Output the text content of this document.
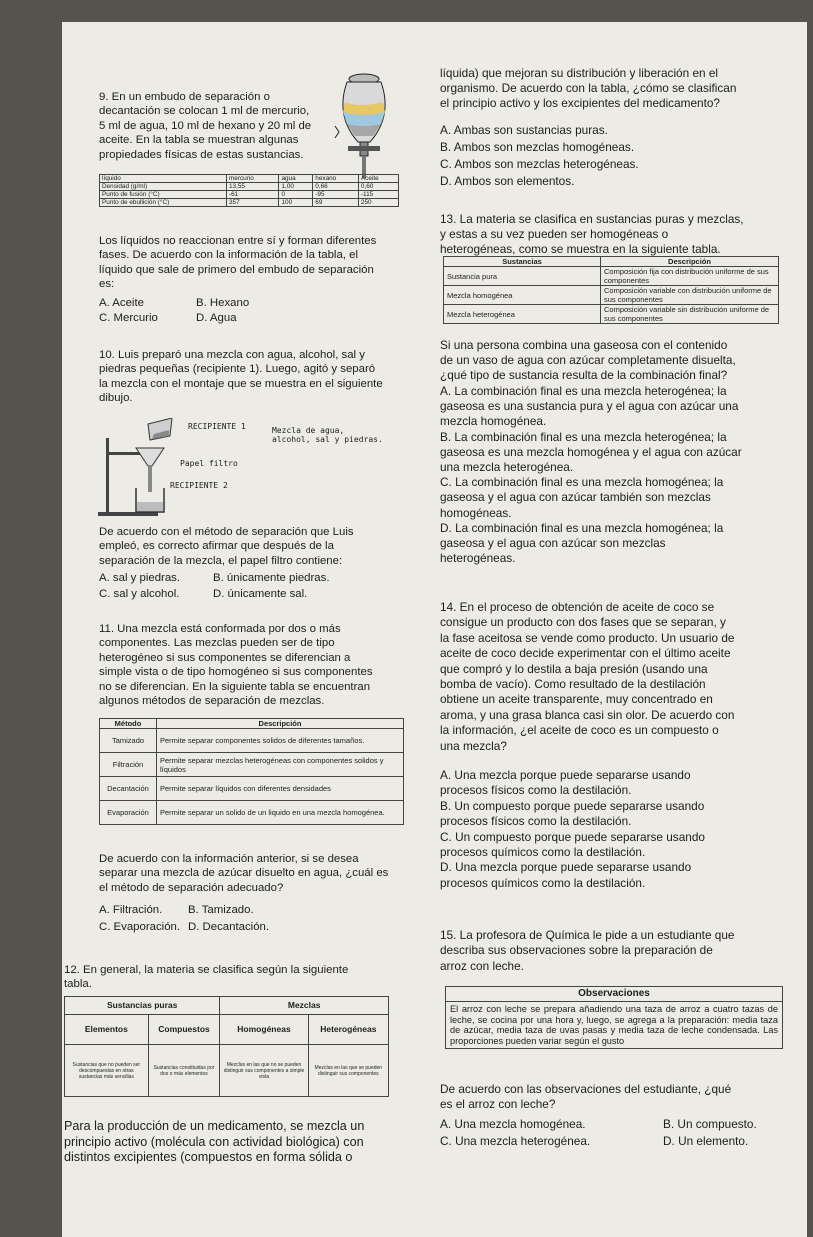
9. En un embudo de separación o
decantación se colocan 1 ml de mercurio,
5 ml de agua, 10 ml de hexano y 20 ml de
aceite. En la tabla se muestran algunas
propiedades físicas de estas sustancias.
líquido	mercurio	agua	hexano	Aceite
Densidad (g/ml)	13,55	1,00	0,66	0,60
Punto de fusión (°C)	-61	0	-95	-115
Punto de ebullición (°C)	357	100	69	250
Los líquidos no reaccionan entre sí y forman diferentes
fases. De acuerdo con la información de la tabla, el
líquido que sale de primero del embudo de separación
es:
A. Aceite	B. Hexano
C. Mercurio	D. Agua
10. Luis preparó una mezcla con agua, alcohol, sal y
piedras pequeñas (recipiente 1). Luego, agitó y separó
la mezcla con el montaje que se muestra en el siguiente
dibujo.
RECIPIENTE 1	Mezcla de agua,
alcohol, sal y piedras.
Papel filtro
RECIPIENTE 2
De acuerdo con el método de separación que Luis
empleó, es correcto afirmar que después de la
separación de la mezcla, el papel filtro contiene:
A. sal y piedras.	B. únicamente piedras.
C. sal y alcohol.	D. únicamente sal.
11. Una mezcla está conformada por dos o más
componentes. Las mezclas pueden ser de tipo
heterogéneo si sus componentes se diferencian a
simple vista o de tipo homogéneo si sus componentes
no se diferencian. En la siguiente tabla se encuentran
algunos métodos de separación de mezclas.
Método	Descripción
Tamizado	Permite separar componentes solidos de diferentes tamaños.
Filtración	Permite separar mezclas heterogéneas con componentes solidos y líquidos
Decantación	Permite separar líquidos con diferentes densidades
Evaporación	Permite separar un solido de un liquido en una mezcla homogénea.
De acuerdo con la información anterior, si se desea
separar una mezcla de azúcar disuelto en agua, ¿cuál es
el método de separación adecuado?
A. Filtración. B. Tamizado.
C. Evaporación. D. Decantación.
12. En general, la materia se clasifica según la siguiente
tabla.
Sustancias puras		Mezclas	
Elementos	Compuestos	Homogéneas	Heterogéneas
Sustancias que no pueden ser descompuestas en otras sustancias más sencillas	Sustancias constituidas por dos o más elementos	Mezclas en las que no se pueden distinguir sus componentes a simple vista	Mezclas en las que se pueden distinguir sus componentes
Para la producción de un medicamento, se mezcla un
principio activo (molécula con actividad biológica) con
distintos excipientes (compuestos en forma sólida o
líquida) que mejoran su distribución y liberación en el
organismo. De acuerdo con la tabla, ¿cómo se clasifican
el principio activo y los excipientes del medicamento?
A. Ambas son sustancias puras.
B. Ambos son mezclas homogéneas.
C. Ambos son mezclas heterogéneas.
D. Ambos son elementos.
13. La materia se clasifica en sustancias puras y mezclas,
y estas a su vez pueden ser homogéneas o
heterogéneas, como se muestra en la siguiente tabla.
Sustancias	Descripción
Sustancia pura	Composición fija con distribución uniforme de sus componentes
Mezcla homogénea	Composición variable con distribución uniforme de sus componentes
Mezcla heterogénea	Composición variable sin distribución uniforme de sus componentes
Si una persona combina una gaseosa con el contenido
de un vaso de agua con azúcar completamente disuelta,
¿qué tipo de sustancia resulta de la combinación final?
A. La combinación final es una mezcla heterogénea; la
gaseosa es una sustancia pura y el agua con azúcar una
mezcla homogénea.
B. La combinación final es una mezcla heterogénea; la
gaseosa es una mezcla homogénea y el agua con azúcar
una mezcla heterogénea.
C. La combinación final es una mezcla homogénea; la
gaseosa y el agua con azúcar también son mezclas
homogéneas.
D. La combinación final es una mezcla homogénea; la
gaseosa y el agua con azúcar son mezclas
heterogéneas.
14. En el proceso de obtención de aceite de coco se
consigue un producto con dos fases que se separan, y
la fase aceitosa se vende como producto. Un usuario de
aceite de coco decide experimentar con el último aceite
que compró y lo destila a baja presión (usando una
bomba de vacío). Como resultado de la destilación
obtiene un aceite transparente, muy concentrado en
aroma, y una grasa blanca casi sin olor. De acuerdo con
la información, ¿el aceite de coco es un compuesto o
una mezcla?
A. Una mezcla porque puede separarse usando
procesos físicos como la destilación.
B. Un compuesto porque puede separarse usando
procesos físicos como la destilación.
C. Un compuesto porque puede separarse usando
procesos químicos como la destilación.
D. Una mezcla porque puede separarse usando
procesos químicos como la destilación.
15. La profesora de Química le pide a un estudiante que
describa sus observaciones sobre la preparación de
arroz con leche.
Observaciones
El arroz con leche se prepara añadiendo una taza de arroz a cuatro tazas de leche, se cocina por una hora y, luego, se agrega a la preparación: media taza de azúcar, media taza de uvas pasas y media taza de leche condensada. Las proporciones pueden variar según el gusto
De acuerdo con las observaciones del estudiante, ¿qué
es el arroz con leche?
A. Una mezcla homogénea.	B. Un compuesto.
C. Una mezcla heterogénea.	D. Un elemento.
